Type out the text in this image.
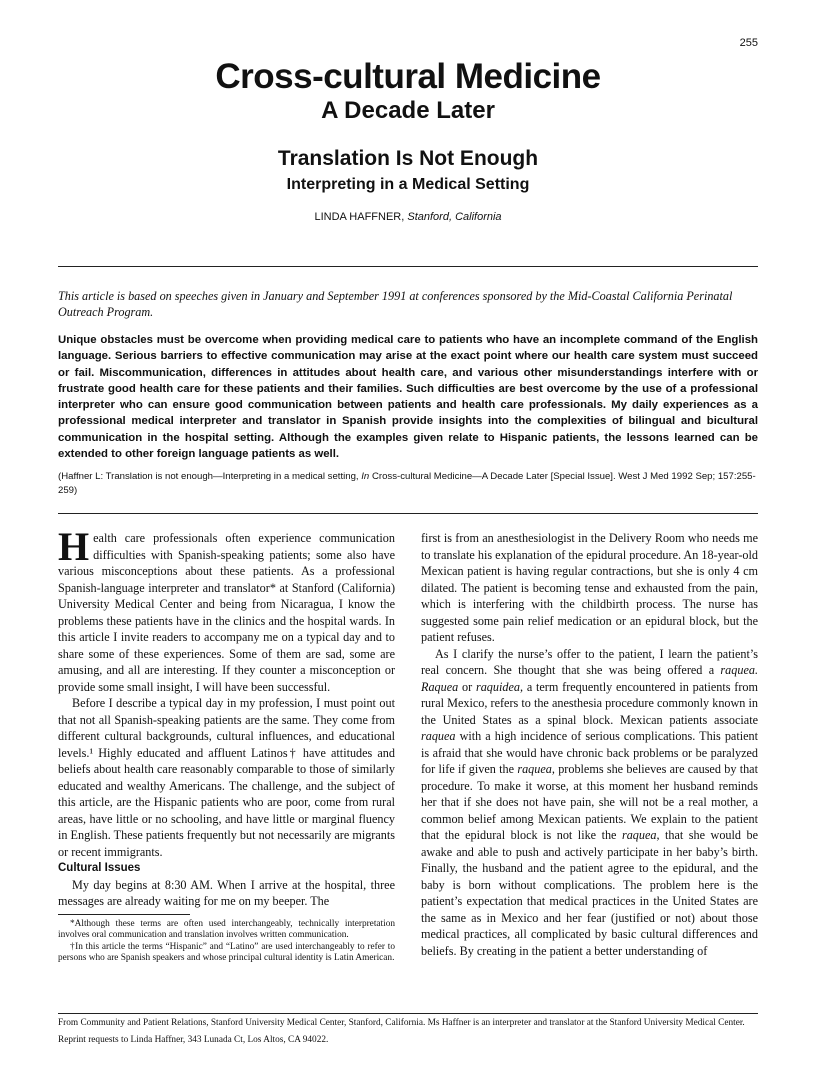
255
Cross-cultural Medicine
A Decade Later
Translation Is Not Enough
Interpreting in a Medical Setting
LINDA HAFFNER, Stanford, California
This article is based on speeches given in January and September 1991 at conferences sponsored by the Mid-Coastal California Perinatal Outreach Program.
Unique obstacles must be overcome when providing medical care to patients who have an incomplete command of the English language. Serious barriers to effective communication may arise at the exact point where our health care system must succeed or fail. Miscommunication, differences in attitudes about health care, and various other misunderstandings interfere with or frustrate good health care for these patients and their families. Such difficulties are best overcome by the use of a professional interpreter who can ensure good communication between patients and health care professionals. My daily experiences as a professional medical interpreter and translator in Spanish provide insights into the complexities of bilingual and bicultural communication in the hospital setting. Although the examples given relate to Hispanic patients, the lessons learned can be extended to other foreign language patients as well.
(Haffner L: Translation is not enough—Interpreting in a medical setting, In Cross-cultural Medicine—A Decade Later [Special Issue]. West J Med 1992 Sep; 157:255-259)

Health care professionals often experience communication difficulties with Spanish-speaking patients; some also have various misconceptions about these patients. As a professional Spanish-language interpreter and translator* at Stanford (California) University Medical Center and being from Nicaragua, I know the problems these patients have in the clinics and the hospital wards. In this article I invite readers to accompany me on a typical day and to share some of these experiences. Some of them are sad, some are amusing, and all are interesting. If they counter a misconception or provide some small insight, I will have been successful.

Before I describe a typical day in my profession, I must point out that not all Spanish-speaking patients are the same. They come from different cultural backgrounds, cultural influences, and educational levels.¹ Highly educated and affluent Latinos† have attitudes and beliefs about health care reasonably comparable to those of similarly educated and wealthy Americans. The challenge, and the subject of this article, are the Hispanic patients who are poor, come from rural areas, have little or no schooling, and have little or marginal fluency in English. These patients frequently but not necessarily are migrants or recent immigrants.

Cultural Issues

My day begins at 8:30 AM. When I arrive at the hospital, three messages are already waiting for me on my beeper. The

*Although these terms are often used interchangeably, technically interpretation involves oral communication and translation involves written communication.

†In this article the terms “Hispanic” and “Latino” are used interchangeably to refer to persons who are Spanish speakers and whose principal cultural identity is Latin American.

first is from an anesthesiologist in the Delivery Room who needs me to translate his explanation of the epidural procedure. An 18-year-old Mexican patient is having regular contractions, but she is only 4 cm dilated. The patient is becoming tense and exhausted from the pain, which is interfering with the childbirth process. The nurse has suggested some pain relief medication or an epidural block, but the patient refuses.

As I clarify the nurse’s offer to the patient, I learn the patient’s real concern. She thought that she was being offered a raquea. Raquea or raquidea, a term frequently encountered in patients from rural Mexico, refers to the anesthesia procedure commonly known in the United States as a spinal block. Mexican patients associate raquea with a high incidence of serious complications. This patient is afraid that she would have chronic back problems or be paralyzed for life if given the raquea, problems she believes are caused by that procedure. To make it worse, at this moment her husband reminds her that if she does not have pain, she will not be a real mother, a common belief among Mexican patients. We explain to the patient that the epidural block is not like the raquea, that she would be awake and able to push and actively participate in her baby’s birth. Finally, the husband and the patient agree to the epidural, and the baby is born without complications. The problem here is the patient’s expectation that medical practices in the United States are the same as in Mexico and her fear (justified or not) about those medical practices, all complicated by basic cultural differences and beliefs. By creating in the patient a better understanding of

From Community and Patient Relations, Stanford University Medical Center, Stanford, California. Ms Haffner is an interpreter and translator at the Stanford University Medical Center.

Reprint requests to Linda Haffner, 343 Lunada Ct, Los Altos, CA 94022.
